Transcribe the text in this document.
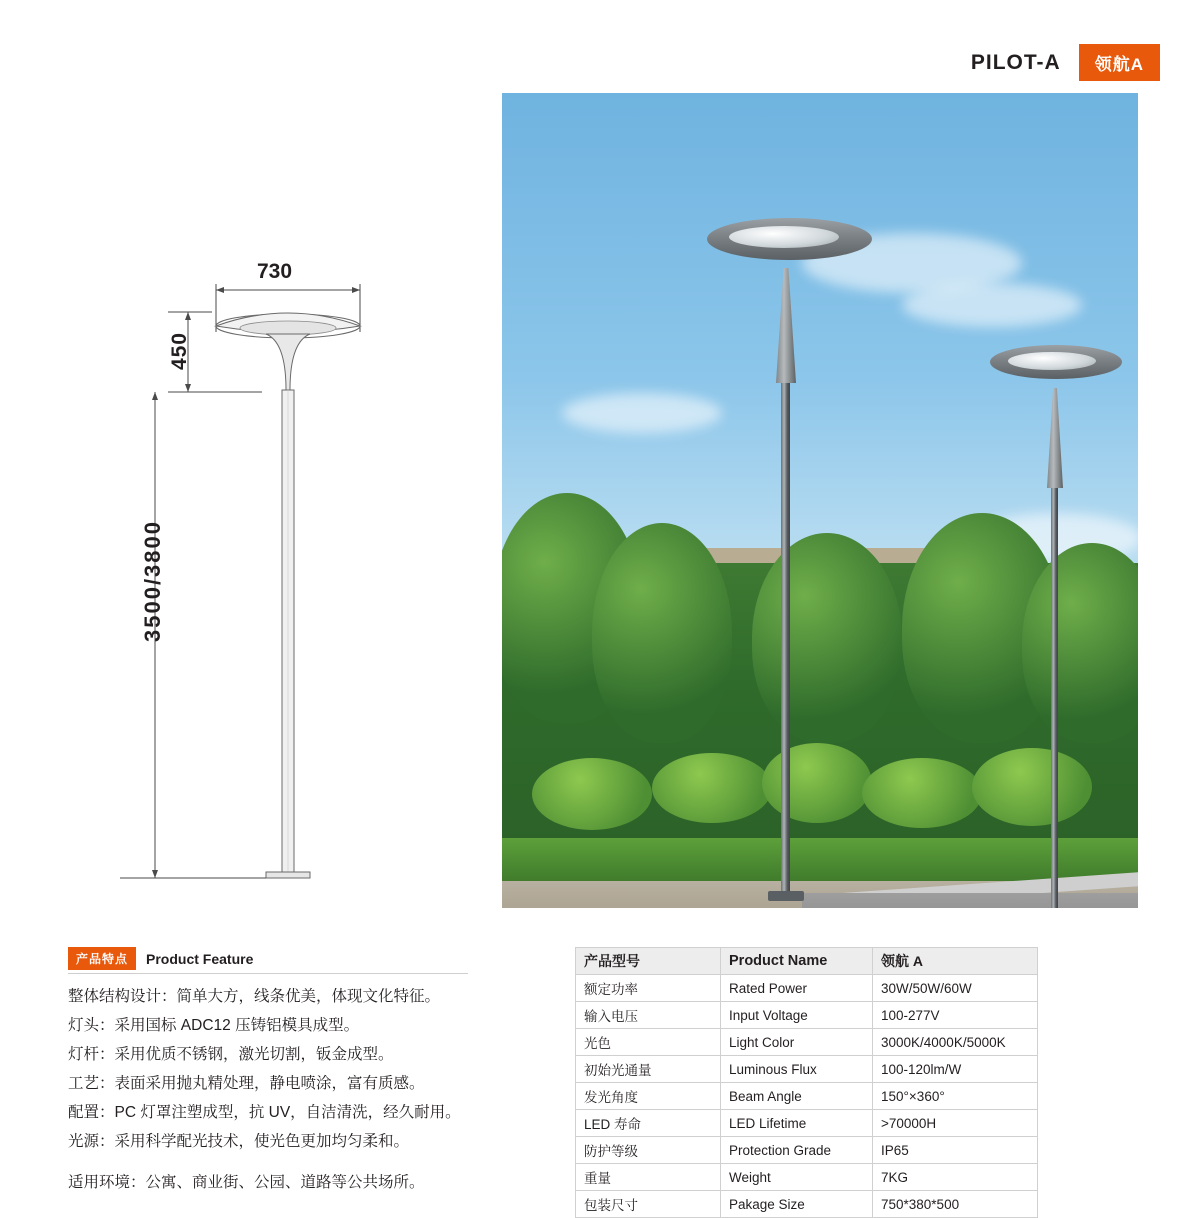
PILOT-A	领航A
730
450
3500/3800
产品特点	Product Feature
整体结构设计：简单大方，线条优美，体现文化特征。
灯头：采用国标 ADC12 压铸铝模具成型。
灯杆：采用优质不锈钢，激光切割，钣金成型。
工艺：表面采用抛丸精处理，静电喷涂，富有质感。
配置：PC 灯罩注塑成型，抗 UV，自洁清洗，经久耐用。
光源：采用科学配光技术，使光色更加均匀柔和。
适用环境：公寓、商业街、公园、道路等公共场所。
产品型号	Product Name	领航 A
额定功率	Rated Power	30W/50W/60W
输入电压	Input Voltage	100-277V
光色	Light Color	3000K/4000K/5000K
初始光通量	Luminous Flux	100-120lm/W
发光角度	Beam Angle	150°×360°
LED 寿命	LED Lifetime	>70000H
防护等级	Protection Grade	IP65
重量	Weight	7KG
包装尺寸	Pakage Size	750*380*500
